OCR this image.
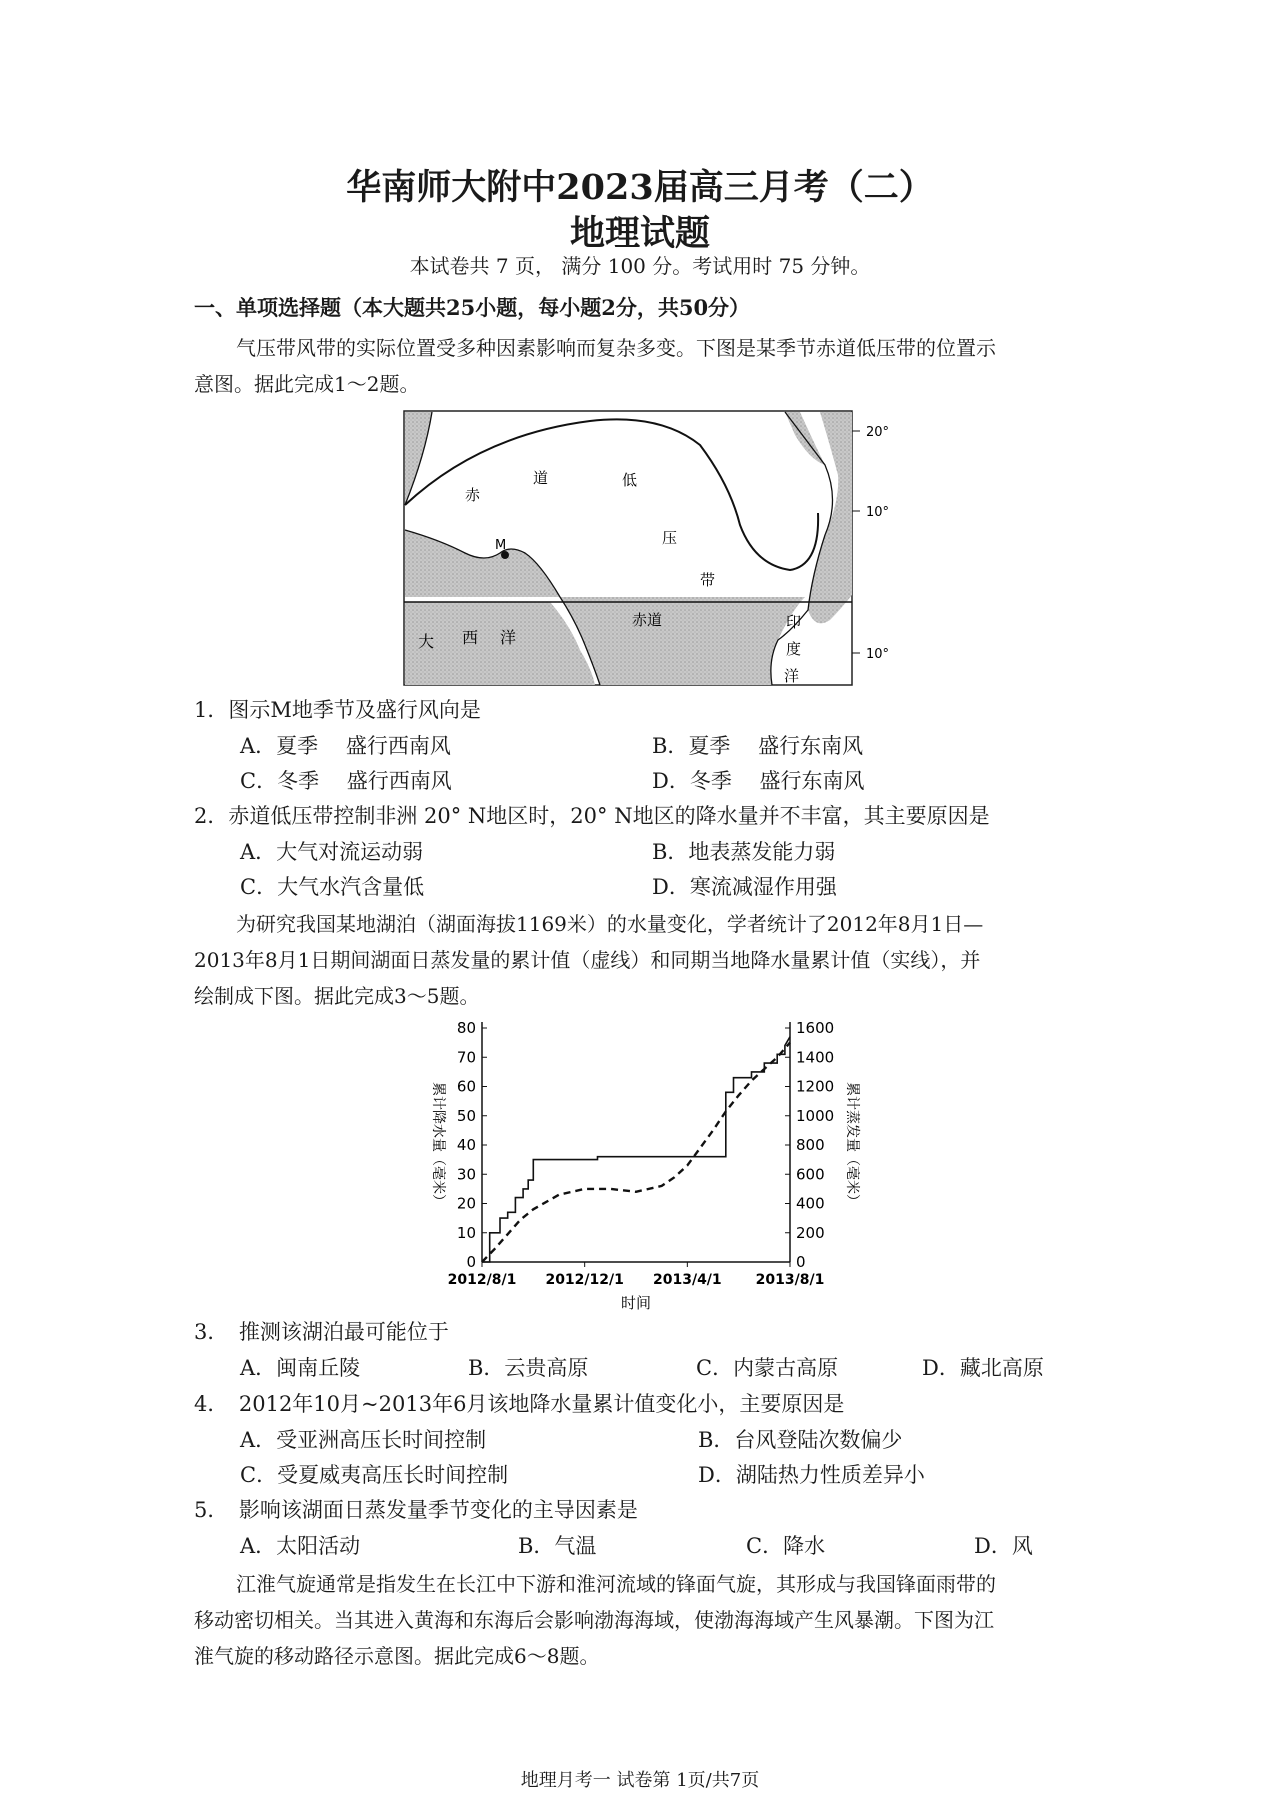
华南师大附中2023届高三月考（二）
地理试题
本试卷共 7 页， 满分 100 分。考试用时 75 分钟。
一、单项选择题（本大题共25小题，每小题2分，共50分）
气压带风带的实际位置受多种因素影响而复杂多变。下图是某季节赤道低压带的位置示
意图。据此完成1～2题。
M
赤
道	低
压
带
赤道
大 西 洋
印
度
洋
20°
10°
10°
1．图示M地季节及盛行风向是
A．夏季　 盛行西南风	B．夏季　 盛行东南风
C．冬季　 盛行西南风	D．冬季　 盛行东南风
2．赤道低压带控制非洲 20° N地区时，20° N地区的降水量并不丰富，其主要原因是
A．大气对流运动弱	B．地表蒸发能力弱
C．大气水汽含量低	D．寒流减湿作用强
为研究我国某地湖泊（湖面海拔1169米）的水量变化，学者统计了2012年8月1日—
2013年8月1日期间湖面日蒸发量的累计值（虚线）和同期当地降水量累计值（实线），并
绘制成下图。据此完成3～5题。
累计降水量（毫米）	累计蒸发量（毫米）
时间
0
10
20
30
40
50
60
70
80
0
200
400
600
800
1000
1200
1400
1600
2012/8/1 2012/12/1 2013/4/1 2013/8/1
3．　推测该湖泊最可能位于
A．闽南丘陵	B．云贵高原	C．内蒙古高原	D．藏北高原
4．　2012年10月~2013年6月该地降水量累计值变化小，主要原因是
A．受亚洲高压长时间控制	B．台风登陆次数偏少
C．受夏威夷高压长时间控制	D．湖陆热力性质差异小
5．　影响该湖面日蒸发量季节变化的主导因素是
A．太阳活动	B．气温	C．降水	D．风
江淮气旋通常是指发生在长江中下游和淮河流域的锋面气旋，其形成与我国锋面雨带的
移动密切相关。当其进入黄海和东海后会影响渤海海域，使渤海海域产生风暴潮。下图为江
淮气旋的移动路径示意图。据此完成6～8题。
地理月考一 试卷第 1页/共7页
